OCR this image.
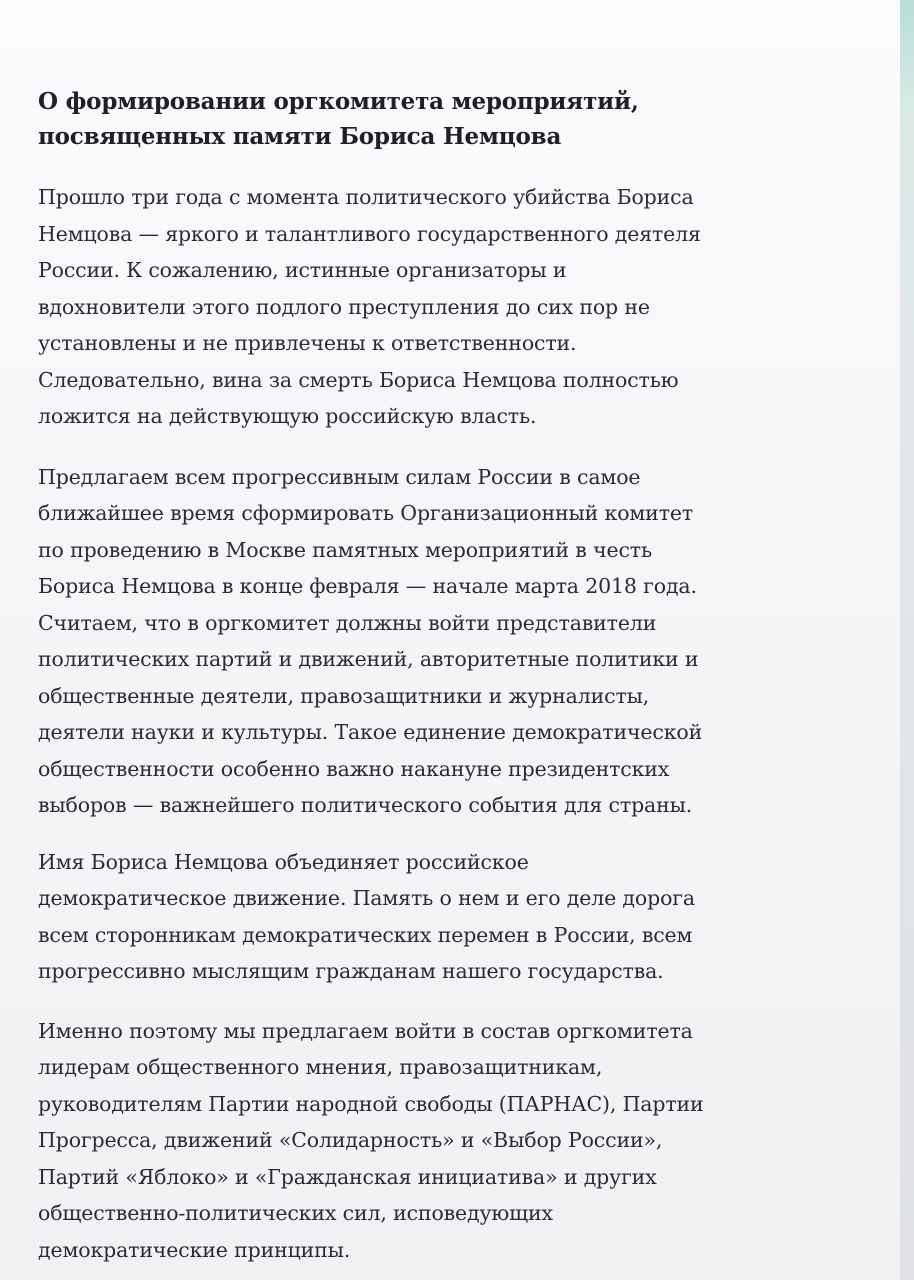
О формировании оргкомитета мероприятий,
посвященных памяти Бориса Немцова

Прошло три года с момента политического убийства Бориса
Немцова — яркого и талантливого государственного деятеля
России. К сожалению, истинные организаторы и
вдохновители этого подлого преступления до сих пор не
установлены и не привлечены к ответственности.
Следовательно, вина за смерть Бориса Немцова полностью
ложится на действующую российскую власть.

Предлагаем всем прогрессивным силам России в самое
ближайшее время сформировать Организационный комитет
по проведению в Москве памятных мероприятий в честь
Бориса Немцова в конце февраля — начале марта 2018 года.
Считаем, что в оргкомитет должны войти представители
политических партий и движений, авторитетные политики и
общественные деятели, правозащитники и журналисты,
деятели науки и культуры. Такое единение демократической
общественности особенно важно накануне президентских
выборов — важнейшего политического события для страны.

Имя Бориса Немцова объединяет российское
демократическое движение. Память о нем и его деле дорога
всем сторонникам демократических перемен в России, всем
прогрессивно мыслящим гражданам нашего государства.

Именно поэтому мы предлагаем войти в состав оргкомитета
лидерам общественного мнения, правозащитникам,
руководителям Партии народной свободы (ПАРНАС), Партии
Прогресса, движений «Солидарность» и «Выбор России»,
Партий «Яблоко» и «Гражданская инициатива» и других
общественно-политических сил, исповедующих
демократические принципы.
